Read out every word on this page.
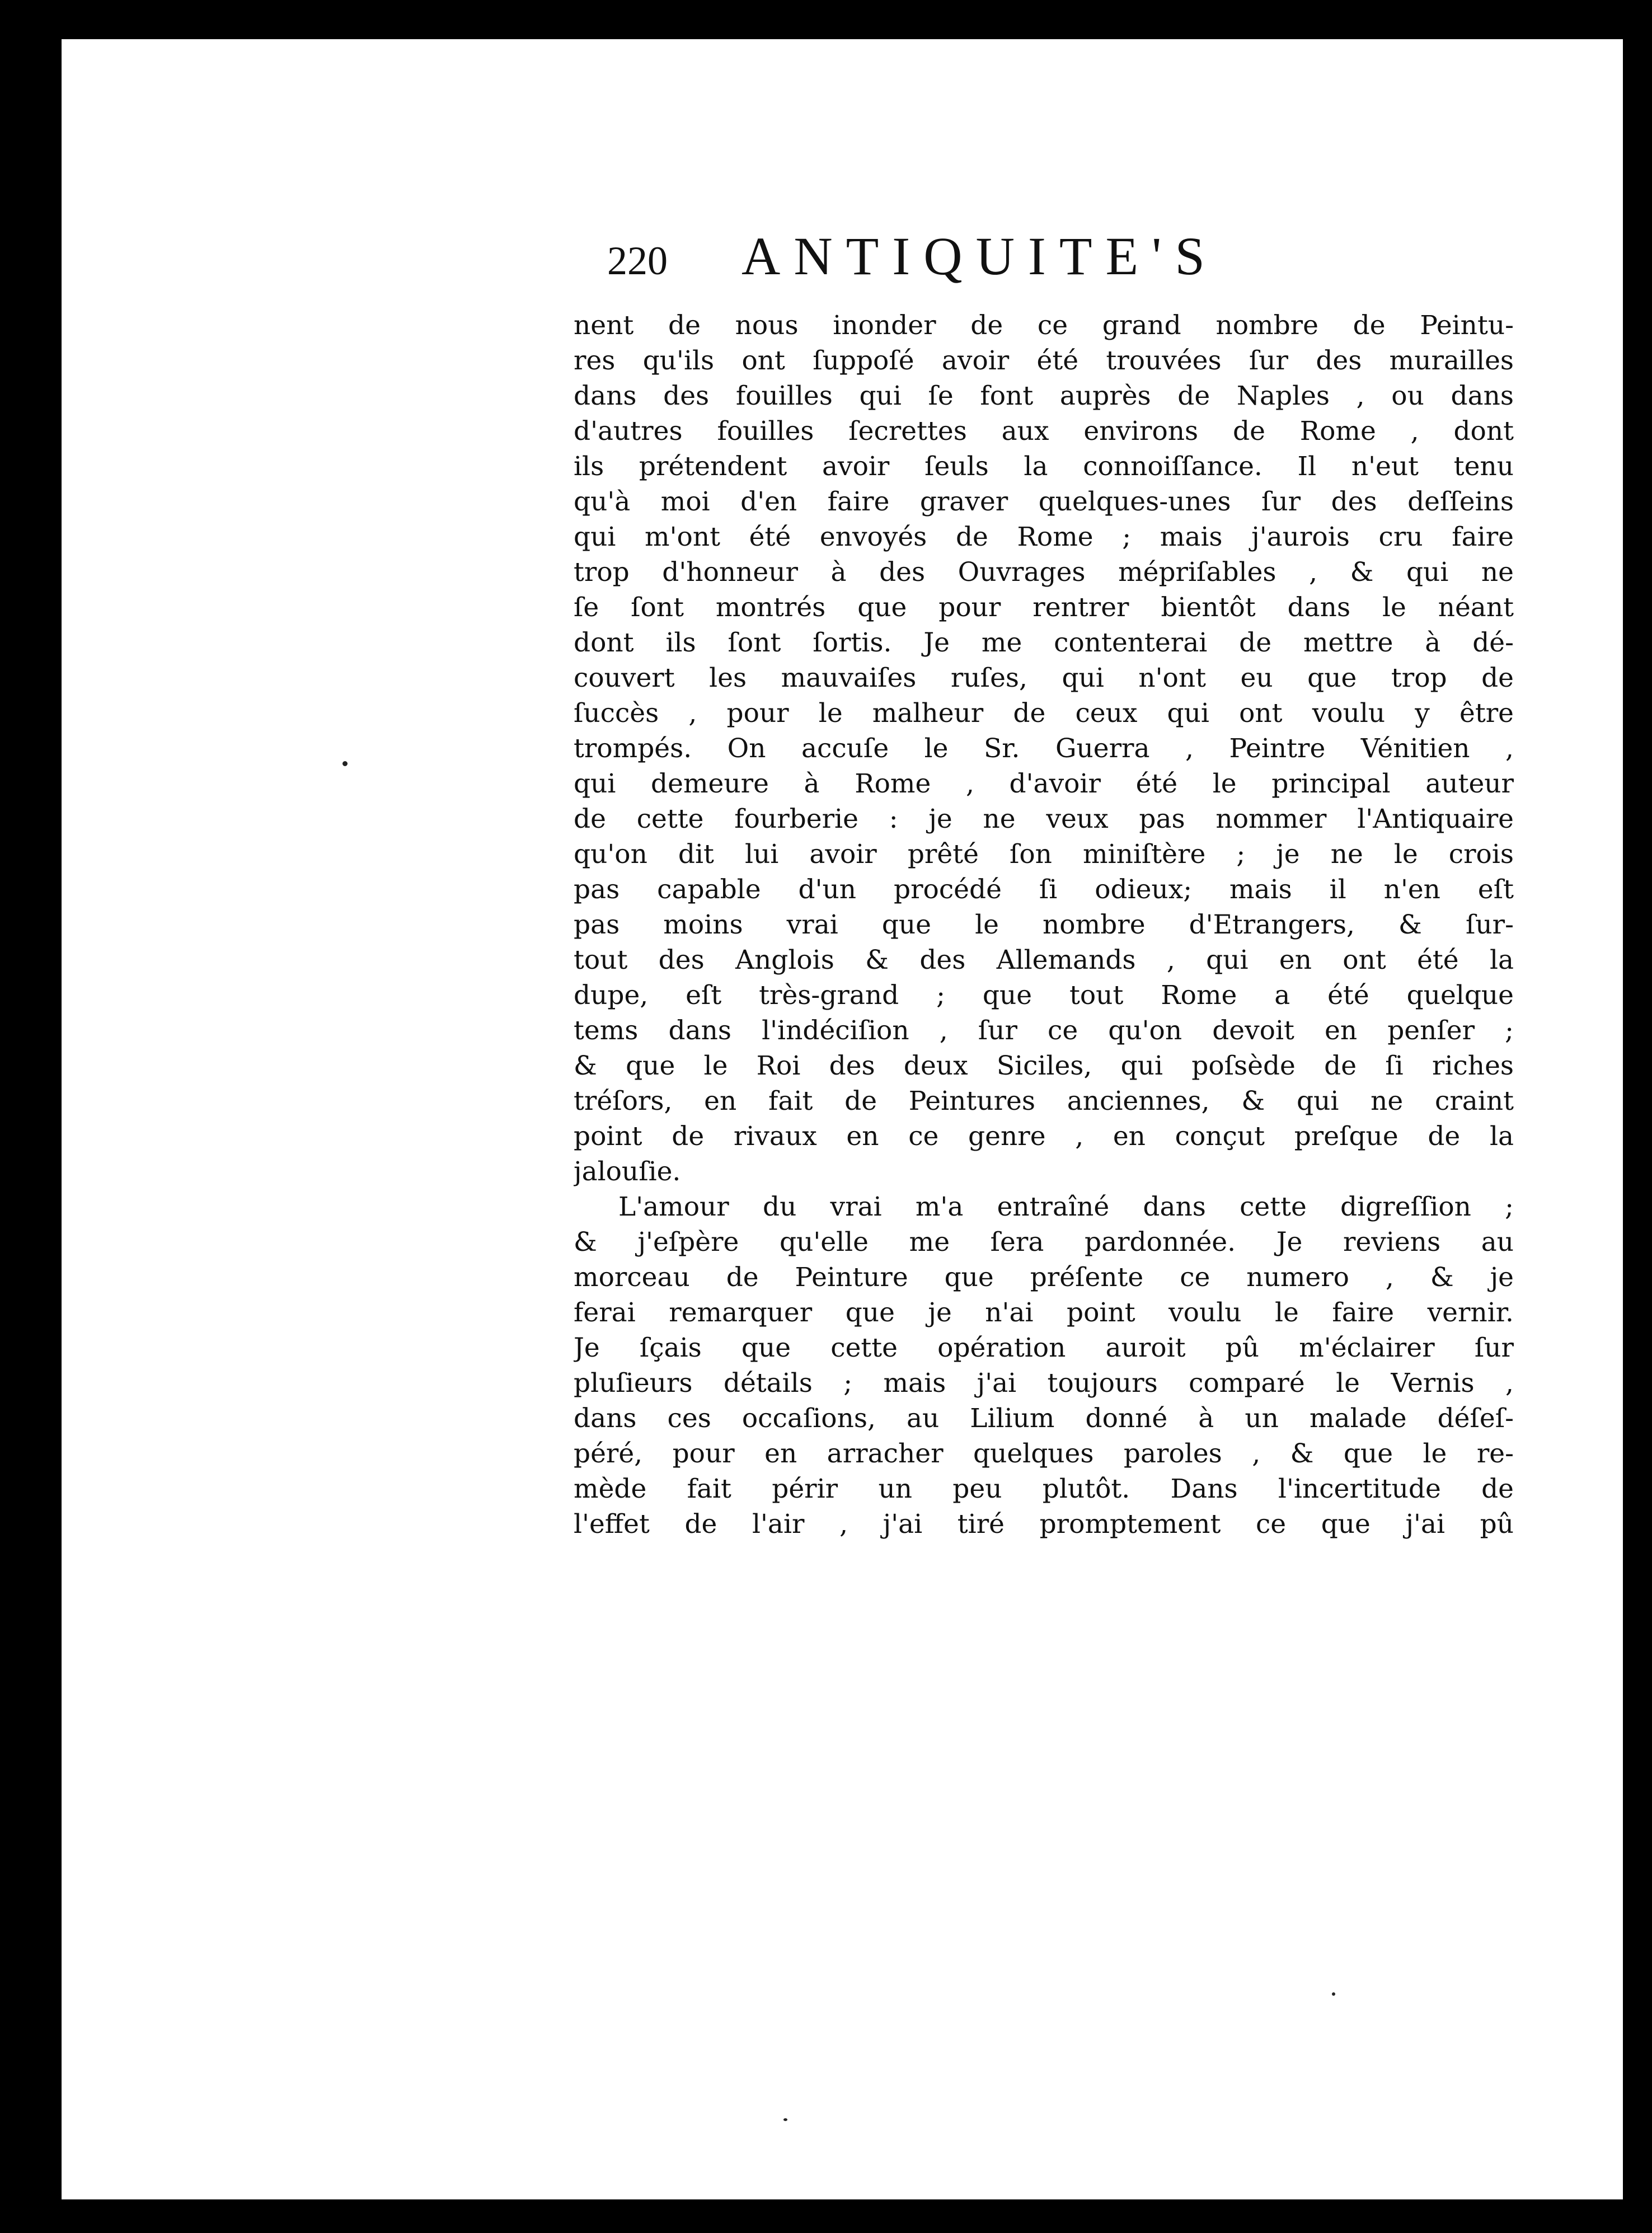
220 ANTIQUITE'S
nent de nous inonder de ce grand nombre de Peintu-
res qu'ils ont ſuppoſé avoir été trouvées ſur des murailles
dans des fouilles qui ſe font auprès de Naples , ou dans
d'autres fouilles ſecrettes aux environs de Rome , dont
ils prétendent avoir ſeuls la connoiſſance. Il n'eut tenu
qu'à moi d'en faire graver quelques-unes ſur des deſſeins
qui m'ont été envoyés de Rome ; mais j'aurois cru faire
trop d'honneur à des Ouvrages mépriſables , & qui ne
ſe ſont montrés que pour rentrer bientôt dans le néant
dont ils ſont ſortis. Je me contenterai de mettre à dé-
couvert les mauvaiſes ruſes, qui n'ont eu que trop de
ſuccès , pour le malheur de ceux qui ont voulu y être
trompés. On accuſe le Sr. Guerra , Peintre Vénitien ,
qui demeure à Rome , d'avoir été le principal auteur
de cette fourberie : je ne veux pas nommer l'Antiquaire
qu'on dit lui avoir prêté ſon miniſtère ; je ne le crois
pas capable d'un procédé ſi odieux; mais il n'en eſt
pas moins vrai que le nombre d'Etrangers, & ſur-
tout des Anglois & des Allemands , qui en ont été la
dupe, eſt très-grand ; que tout Rome a été quelque
tems dans l'indéciſion , ſur ce qu'on devoit en penſer ;
& que le Roi des deux Siciles, qui poſsède de ſi riches
tréſors, en fait de Peintures anciennes, & qui ne craint
point de rivaux en ce genre , en conçut preſque de la
jalouſie.
L'amour du vrai m'a entraîné dans cette digreſſion ;
& j'eſpère qu'elle me ſera pardonnée. Je reviens au
morceau de Peinture que préſente ce numero , & je
ferai remarquer que je n'ai point voulu le faire vernir.
Je ſçais que cette opération auroit pû m'éclairer ſur
pluſieurs détails ; mais j'ai toujours comparé le Vernis ,
dans ces occaſions, au Lilium donné à un malade déſeſ-
péré, pour en arracher quelques paroles , & que le re-
mède fait périr un peu plutôt. Dans l'incertitude de
l'effet de l'air , j'ai tiré promptement ce que j'ai pû
